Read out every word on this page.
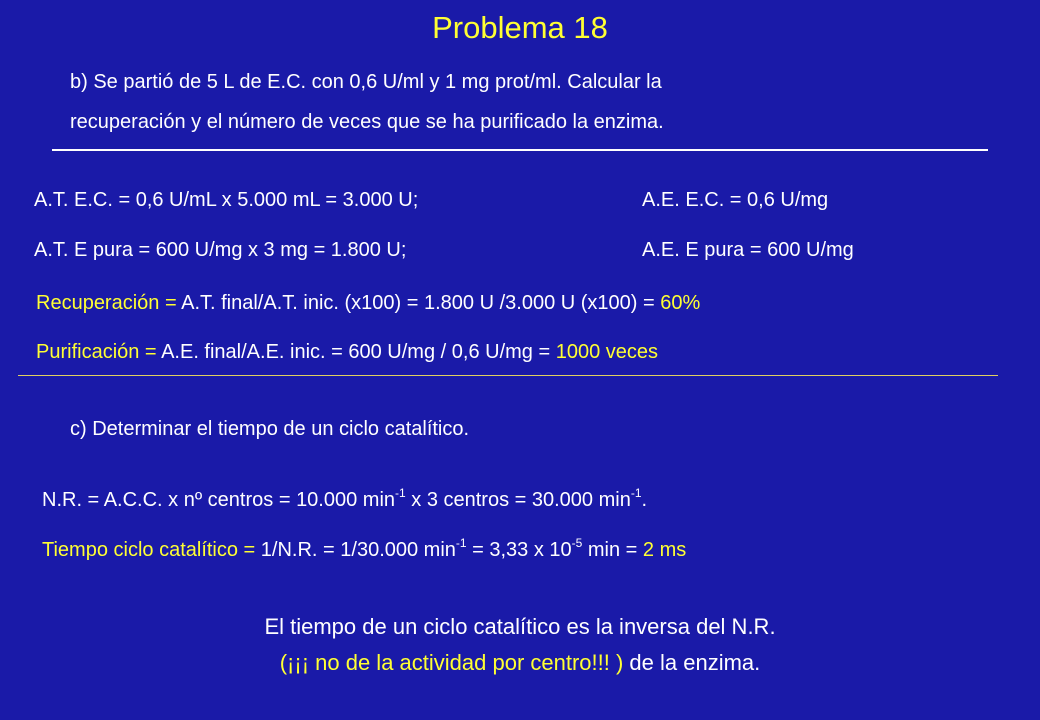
Problema 18
b) Se partió de 5 L de E.C. con 0,6 U/ml y 1 mg prot/ml. Calcular la
recuperación y el número de veces que se ha purificado la enzima.
A.T. E.C. = 0,6 U/mL x 5.000 mL = 3.000 U;	A.E. E.C. = 0,6 U/mg
A.T. E pura = 600 U/mg x 3 mg = 1.800 U;	A.E. E pura = 600 U/mg
Recuperación = A.T. final/A.T. inic. (x100) = 1.800 U /3.000 U (x100) = 60%
Purificación = A.E. final/A.E. inic. = 600 U/mg / 0,6 U/mg = 1000 veces
c) Determinar el tiempo de un ciclo catalítico.
N.R. = A.C.C. x nº centros = 10.000 $\min^{-1} x$ 3 centros = 30.000 $\min^{-1}$.
Tiempo ciclo catalítico = 1/N.R. = 1/30.000 $\min^{-1} = 3,33$ x $10^{-5}$ min = 2 ms
El tiempo de un ciclo catalítico es la inversa del N.R.
(¡¡¡ no de la actividad por centro!!! ) de la enzima.
